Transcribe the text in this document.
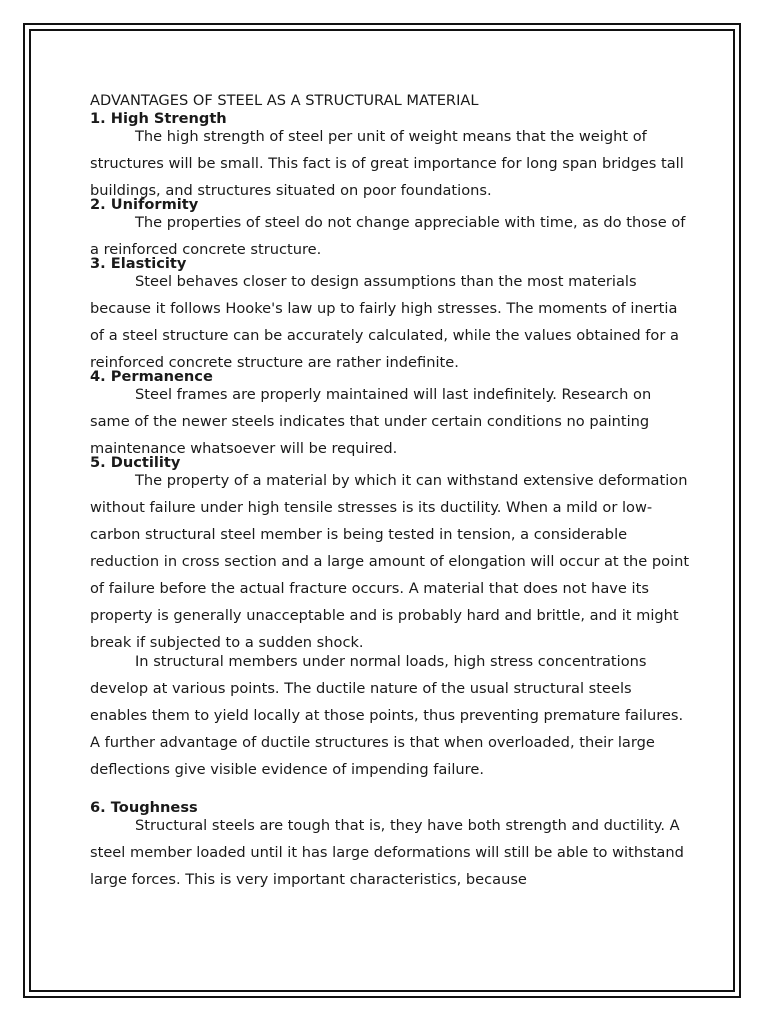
ADVANTAGES OF STEEL AS A STRUCTURAL MATERIAL
1. High Strength

The high strength of steel per unit of weight means that the weight of structures will be small. This fact is of great importance for long span bridges tall buildings, and structures situated on poor foundations.

2. Uniformity

The properties of steel do not change appreciable with time, as do those of a reinforced concrete structure.

3. Elasticity

Steel behaves closer to design assumptions than the most materials because it follows Hooke's law up to fairly high stresses. The moments of inertia of a steel structure can be accurately calculated, while the values obtained for a reinforced concrete structure are rather indefinite.

4. Permanence

Steel frames are properly maintained will last indefinitely. Research on same of the newer steels indicates that under certain conditions no painting maintenance whatsoever will be required.

5. Ductility

The property of a material by which it can withstand extensive deformation without failure under high tensile stresses is its ductility. When a mild or low-carbon structural steel member is being tested in tension, a considerable reduction in cross section and a large amount of elongation will occur at the point of failure before the actual fracture occurs. A material that does not have its property is generally unacceptable and is probably hard and brittle, and it might break if subjected to a sudden shock.

In structural members under normal loads, high stress concentrations develop at various points. The ductile nature of the usual structural steels enables them to yield locally at those points, thus preventing premature failures. A further advantage of ductile structures is that when overloaded, their large deflections give visible evidence of impending failure.

6. Toughness

Structural steels are tough that is, they have both strength and ductility. A steel member loaded until it has large deformations will still be able to withstand large forces. This is very important characteristics, because
